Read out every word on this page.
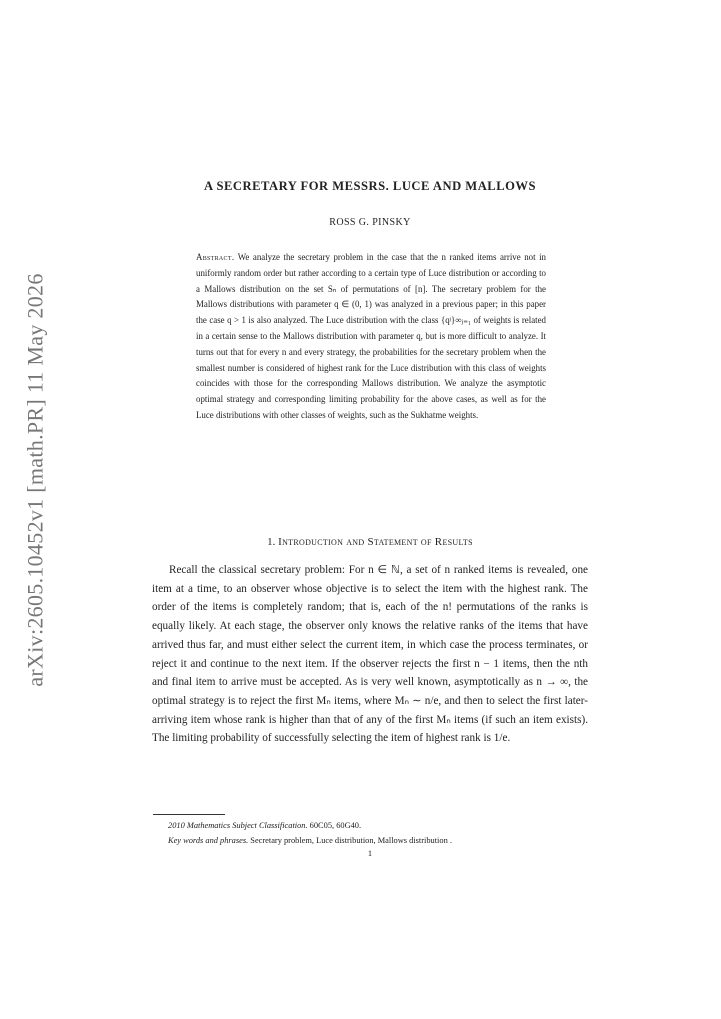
arXiv:2605.10452v1 [math.PR] 11 May 2026
A SECRETARY FOR MESSRS. LUCE AND MALLOWS
ROSS G. PINSKY
Abstract. We analyze the secretary problem in the case that the n ranked items arrive not in uniformly random order but rather according to a certain type of Luce distribution or according to a Mallows distribution on the set Sₙ of permutations of [n]. The secretary problem for the Mallows distributions with parameter q ∈ (0, 1) was analyzed in a previous paper; in this paper the case q > 1 is also analyzed. The Luce distribution with the class {qʲ}∞ⱼ₌₁ of weights is related in a certain sense to the Mallows distribution with parameter q, but is more difficult to analyze. It turns out that for every n and every strategy, the probabilities for the secretary problem when the smallest number is considered of highest rank for the Luce distribution with this class of weights coincides with those for the corresponding Mallows distribution. We analyze the asymptotic optimal strategy and corresponding limiting probability for the above cases, as well as for the Luce distributions with other classes of weights, such as the Sukhatme weights.
1. Introduction and Statement of Results
Recall the classical secretary problem: For n ∈ ℕ, a set of n ranked items is revealed, one item at a time, to an observer whose objective is to select the item with the highest rank. The order of the items is completely random; that is, each of the n! permutations of the ranks is equally likely. At each stage, the observer only knows the relative ranks of the items that have arrived thus far, and must either select the current item, in which case the process terminates, or reject it and continue to the next item. If the observer rejects the first n − 1 items, then the nth and final item to arrive must be accepted. As is very well known, asymptotically as n → ∞, the optimal strategy is to reject the first Mₙ items, where Mₙ ∼ n/e, and then to select the first later-arriving item whose rank is higher than that of any of the first Mₙ items (if such an item exists). The limiting probability of successfully selecting the item of highest rank is 1/e.
2010 Mathematics Subject Classification. 60C05, 60G40.
Key words and phrases. Secretary problem, Luce distribution, Mallows distribution .
1
